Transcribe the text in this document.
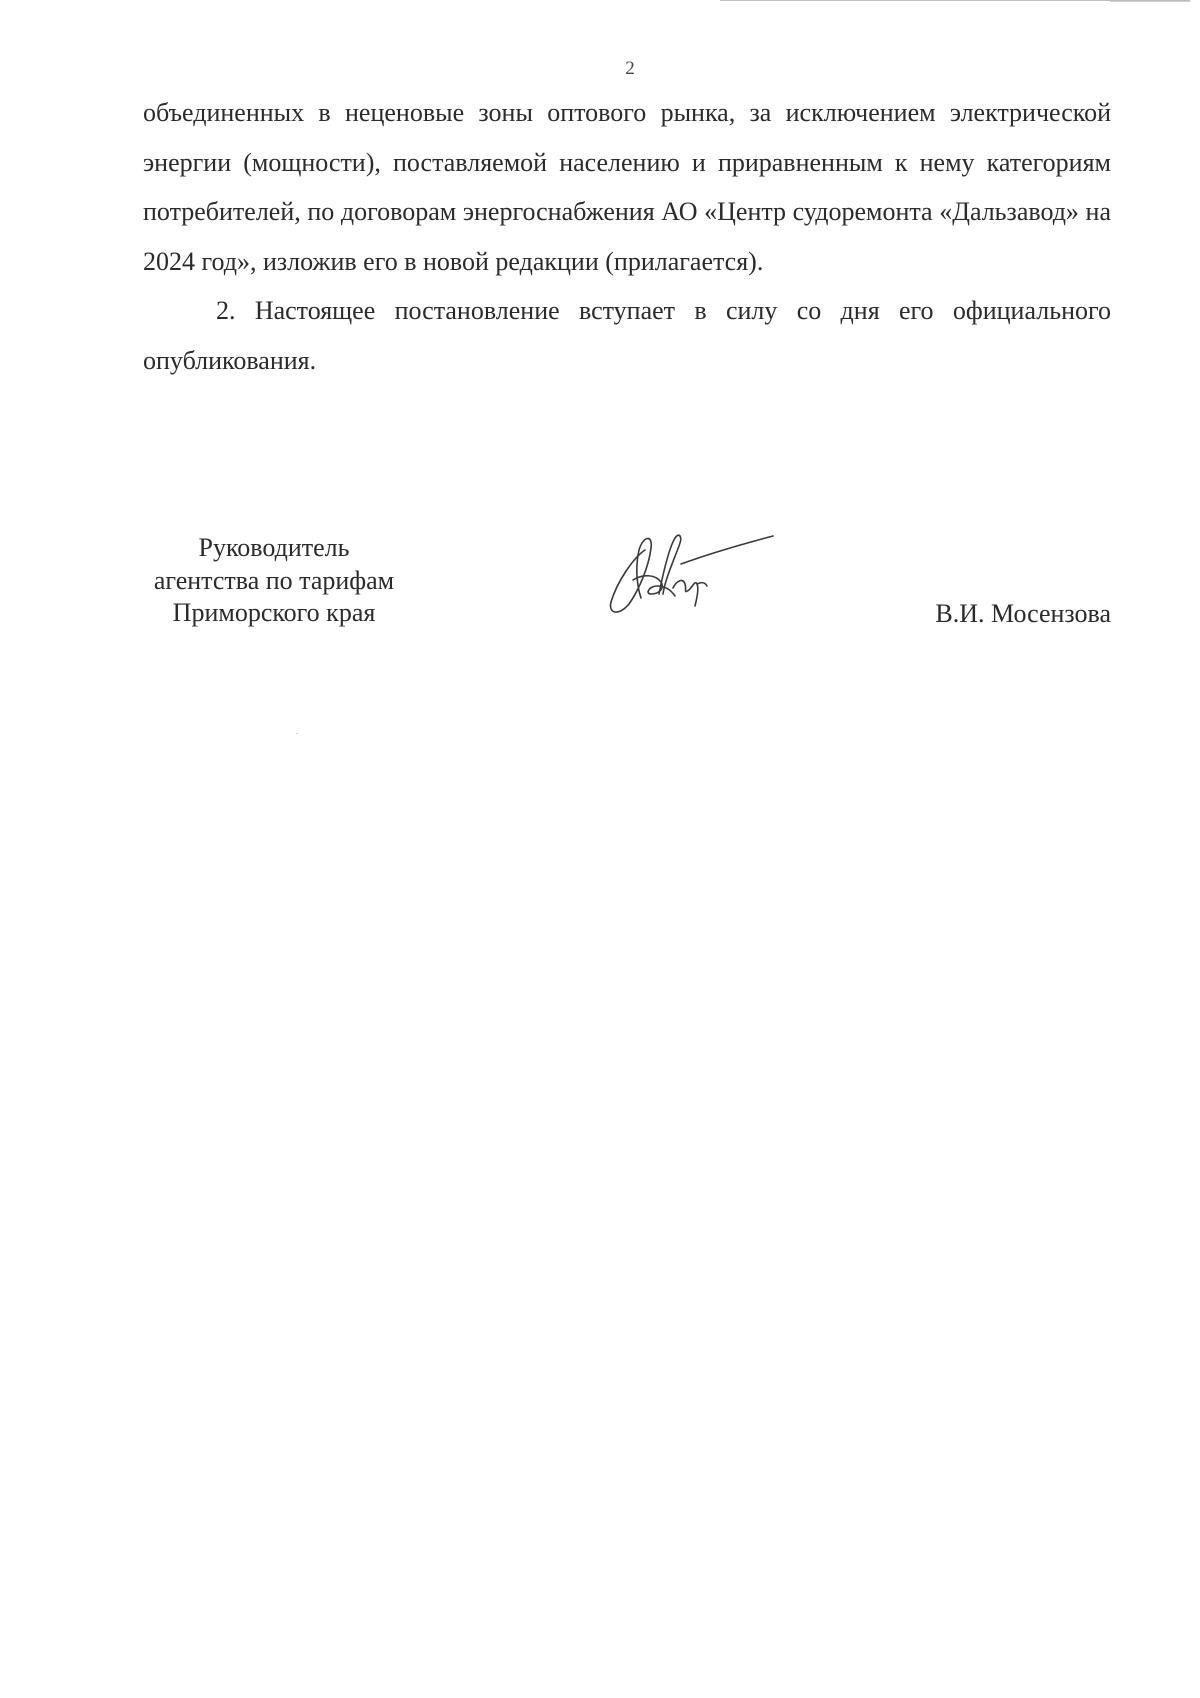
2

объединенных в неценовые зоны оптового рынка, за исключением электрической энергии (мощности), поставляемой населению и приравненным к нему категориям потребителей, по договорам энергоснабжения АО «Центр судоремонта «Дальзавод» на 2024 год», изложив его в новой редакции (прилагается).

2. Настоящее постановление вступает в силу со дня его официального опубликования.

Руководитель
агентства по тарифам
Приморского края	В.И. Мосензова
